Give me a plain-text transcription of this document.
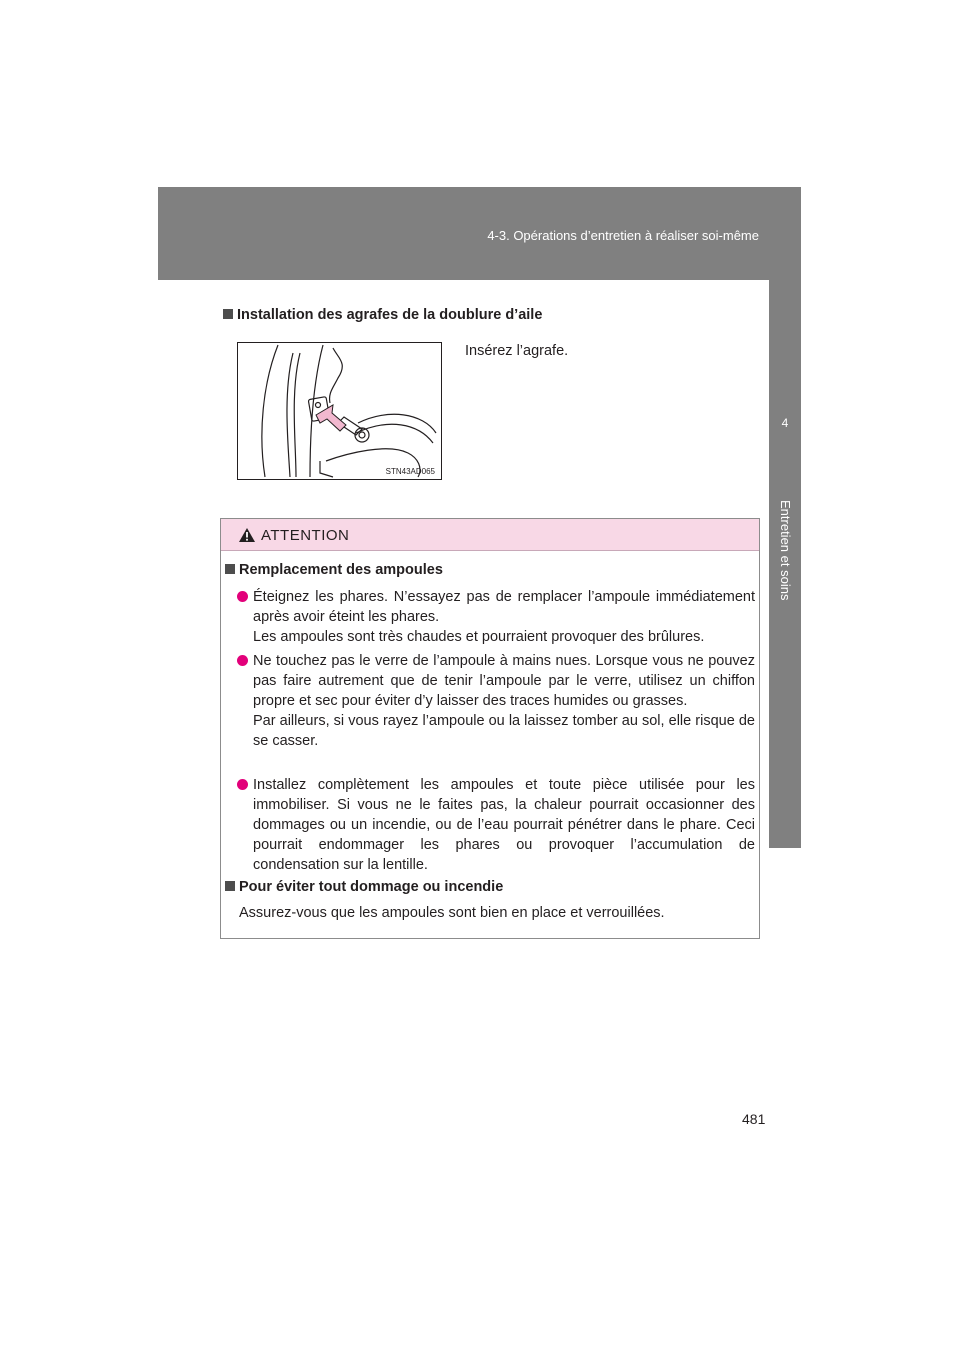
4-3. Opérations d’entretien à réaliser soi-même
4
Entretien et soins
Installation des agrafes de la doublure d’aile
STN43AD065
Insérez l’agrafe.
ATTENTION
Remplacement des ampoules

Éteignez les phares. N’essayez pas de remplacer l’ampoule immédiatement après avoir éteint les phares.

Les ampoules sont très chaudes et pourraient provoquer des brûlures.

Ne touchez pas le verre de l’ampoule à mains nues. Lorsque vous ne pouvez pas faire autrement que de tenir l’ampoule par le verre, utilisez un chiffon propre et sec pour éviter d’y laisser des traces humides ou grasses.

Par ailleurs, si vous rayez l’ampoule ou la laissez tomber au sol, elle risque de se casser.

Installez complètement les ampoules et toute pièce utilisée pour les immobiliser. Si vous ne le faites pas, la chaleur pourrait occasionner des dommages ou un incendie, ou de l’eau pourrait pénétrer dans le phare. Ceci pourrait endommager les phares ou provoquer l’accumulation de condensation sur la lentille.

Pour éviter tout dommage ou incendie
Assurez-vous que les ampoules sont bien en place et verrouillées.
481
